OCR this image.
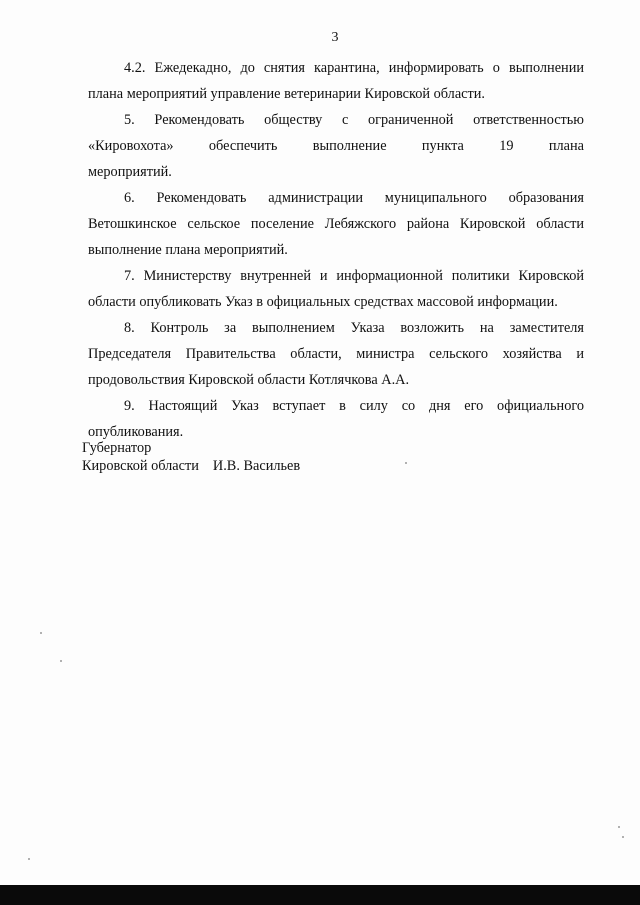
3

4.2. Ежедекадно, до снятия карантина, информировать о выполнении плана мероприятий управление ветеринарии Кировской области.

5. Рекомендовать обществу с ограниченной ответственностью «Кировохота» обеспечить выполнение пункта 19 плана мероприятий.

6. Рекомендовать администрации муниципального образования Ветошкинское сельское поселение Лебяжского района Кировской области выполнение плана мероприятий.

7. Министерству внутренней и информационной политики Кировской области опубликовать Указ в официальных средствах массовой информации.

8. Контроль за выполнением Указа возложить на заместителя Председателя Правительства области, министра сельского хозяйства и продовольствия Кировской области Котлячкова А.А.

9. Настоящий Указ вступает в силу со дня его официального опубликования.

Губернатор
Кировской области И.В. Васильев
